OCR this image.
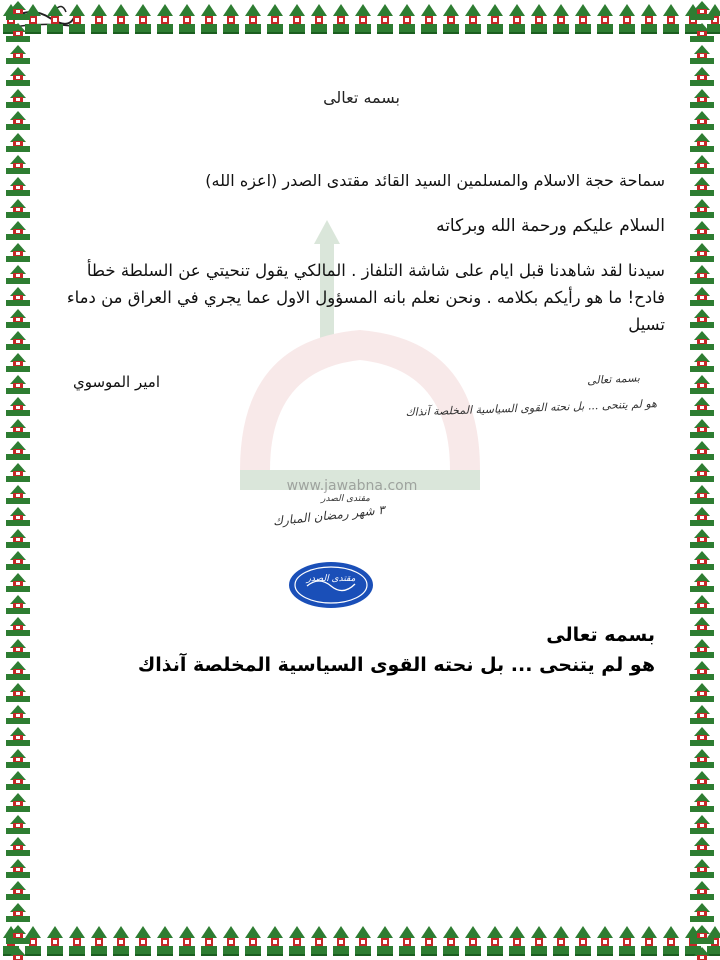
www.jawabna.com
بسمه تعالى
سماحة حجة الاسلام والمسلمين السيد القائد مقتدى الصدر (اعزه الله)
السلام عليكم ورحمة الله وبركاته
سيدنا لقد شاهدنا قبل ايام على شاشة التلفاز . المالكي يقول تنحيتي عن السلطة خطأ فادح! ما هو رأيكم بكلامه . ونحن نعلم بانه المسؤول الاول عما يجري في العراق من دماء تسيل
امير الموسوي	بسمه تعالى
هو لم يتنحى ... بل نحته القوى السياسية المخلصة آنذاك
مقتدى الصدر
٣ شهر رمضان المبارك
مقتدى الصدر
بسمه تعالى
هو لم يتنحى ... بل نحته القوى السياسية المخلصة آنذاك
